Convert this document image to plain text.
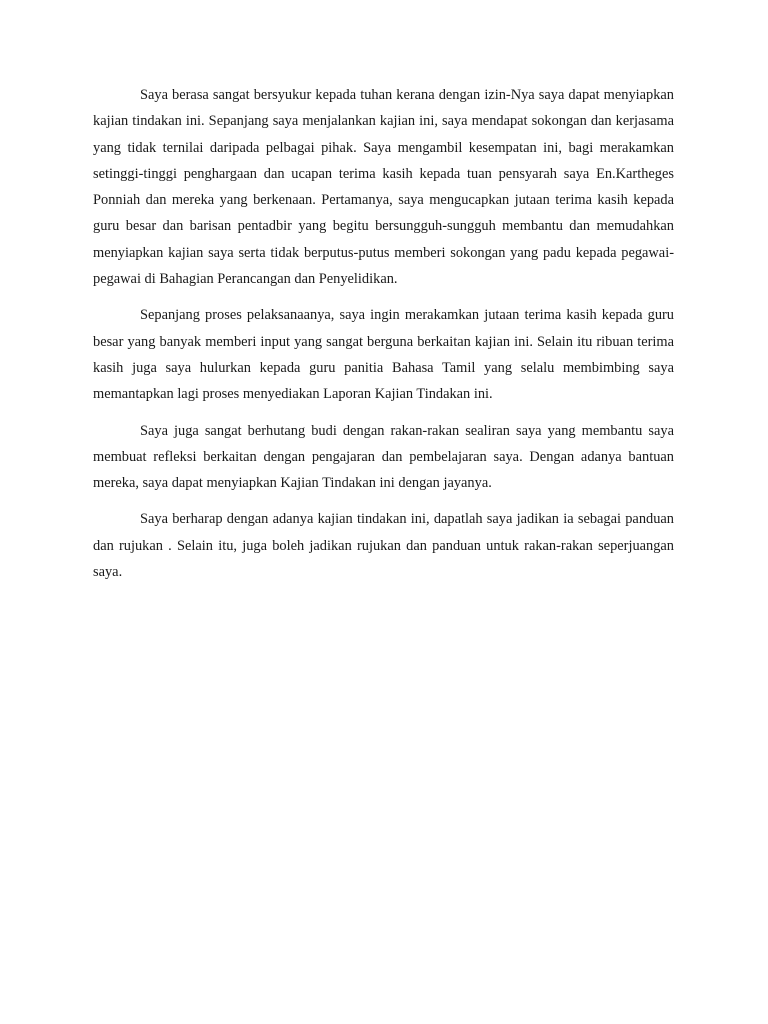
Saya berasa sangat bersyukur kepada tuhan kerana dengan izin-Nya saya dapat menyiapkan kajian tindakan ini. Sepanjang saya menjalankan kajian ini, saya mendapat sokongan dan kerjasama yang tidak ternilai daripada pelbagai pihak. Saya mengambil kesempatan ini, bagi merakamkan setinggi-tinggi penghargaan dan ucapan terima kasih kepada tuan pensyarah saya En.Kartheges Ponniah dan mereka yang berkenaan. Pertamanya, saya mengucapkan jutaan terima kasih kepada guru besar dan barisan pentadbir yang begitu bersungguh-sungguh membantu dan memudahkan menyiapkan kajian saya serta tidak berputus-putus memberi sokongan yang padu kepada pegawai-pegawai di Bahagian Perancangan dan Penyelidikan.

Sepanjang proses pelaksanaanya, saya ingin merakamkan jutaan terima kasih kepada guru besar yang banyak memberi input yang sangat berguna berkaitan kajian ini. Selain itu ribuan terima kasih juga saya hulurkan kepada guru panitia Bahasa Tamil yang selalu membimbing saya memantapkan lagi proses menyediakan Laporan Kajian Tindakan ini.

Saya juga sangat berhutang budi dengan rakan-rakan sealiran saya yang membantu saya membuat refleksi berkaitan dengan pengajaran dan pembelajaran saya. Dengan adanya bantuan mereka, saya dapat menyiapkan Kajian Tindakan ini dengan jayanya.

Saya berharap dengan adanya kajian tindakan ini, dapatlah saya jadikan ia sebagai panduan dan rujukan . Selain itu, juga boleh jadikan rujukan dan panduan untuk rakan-rakan seperjuangan saya.
